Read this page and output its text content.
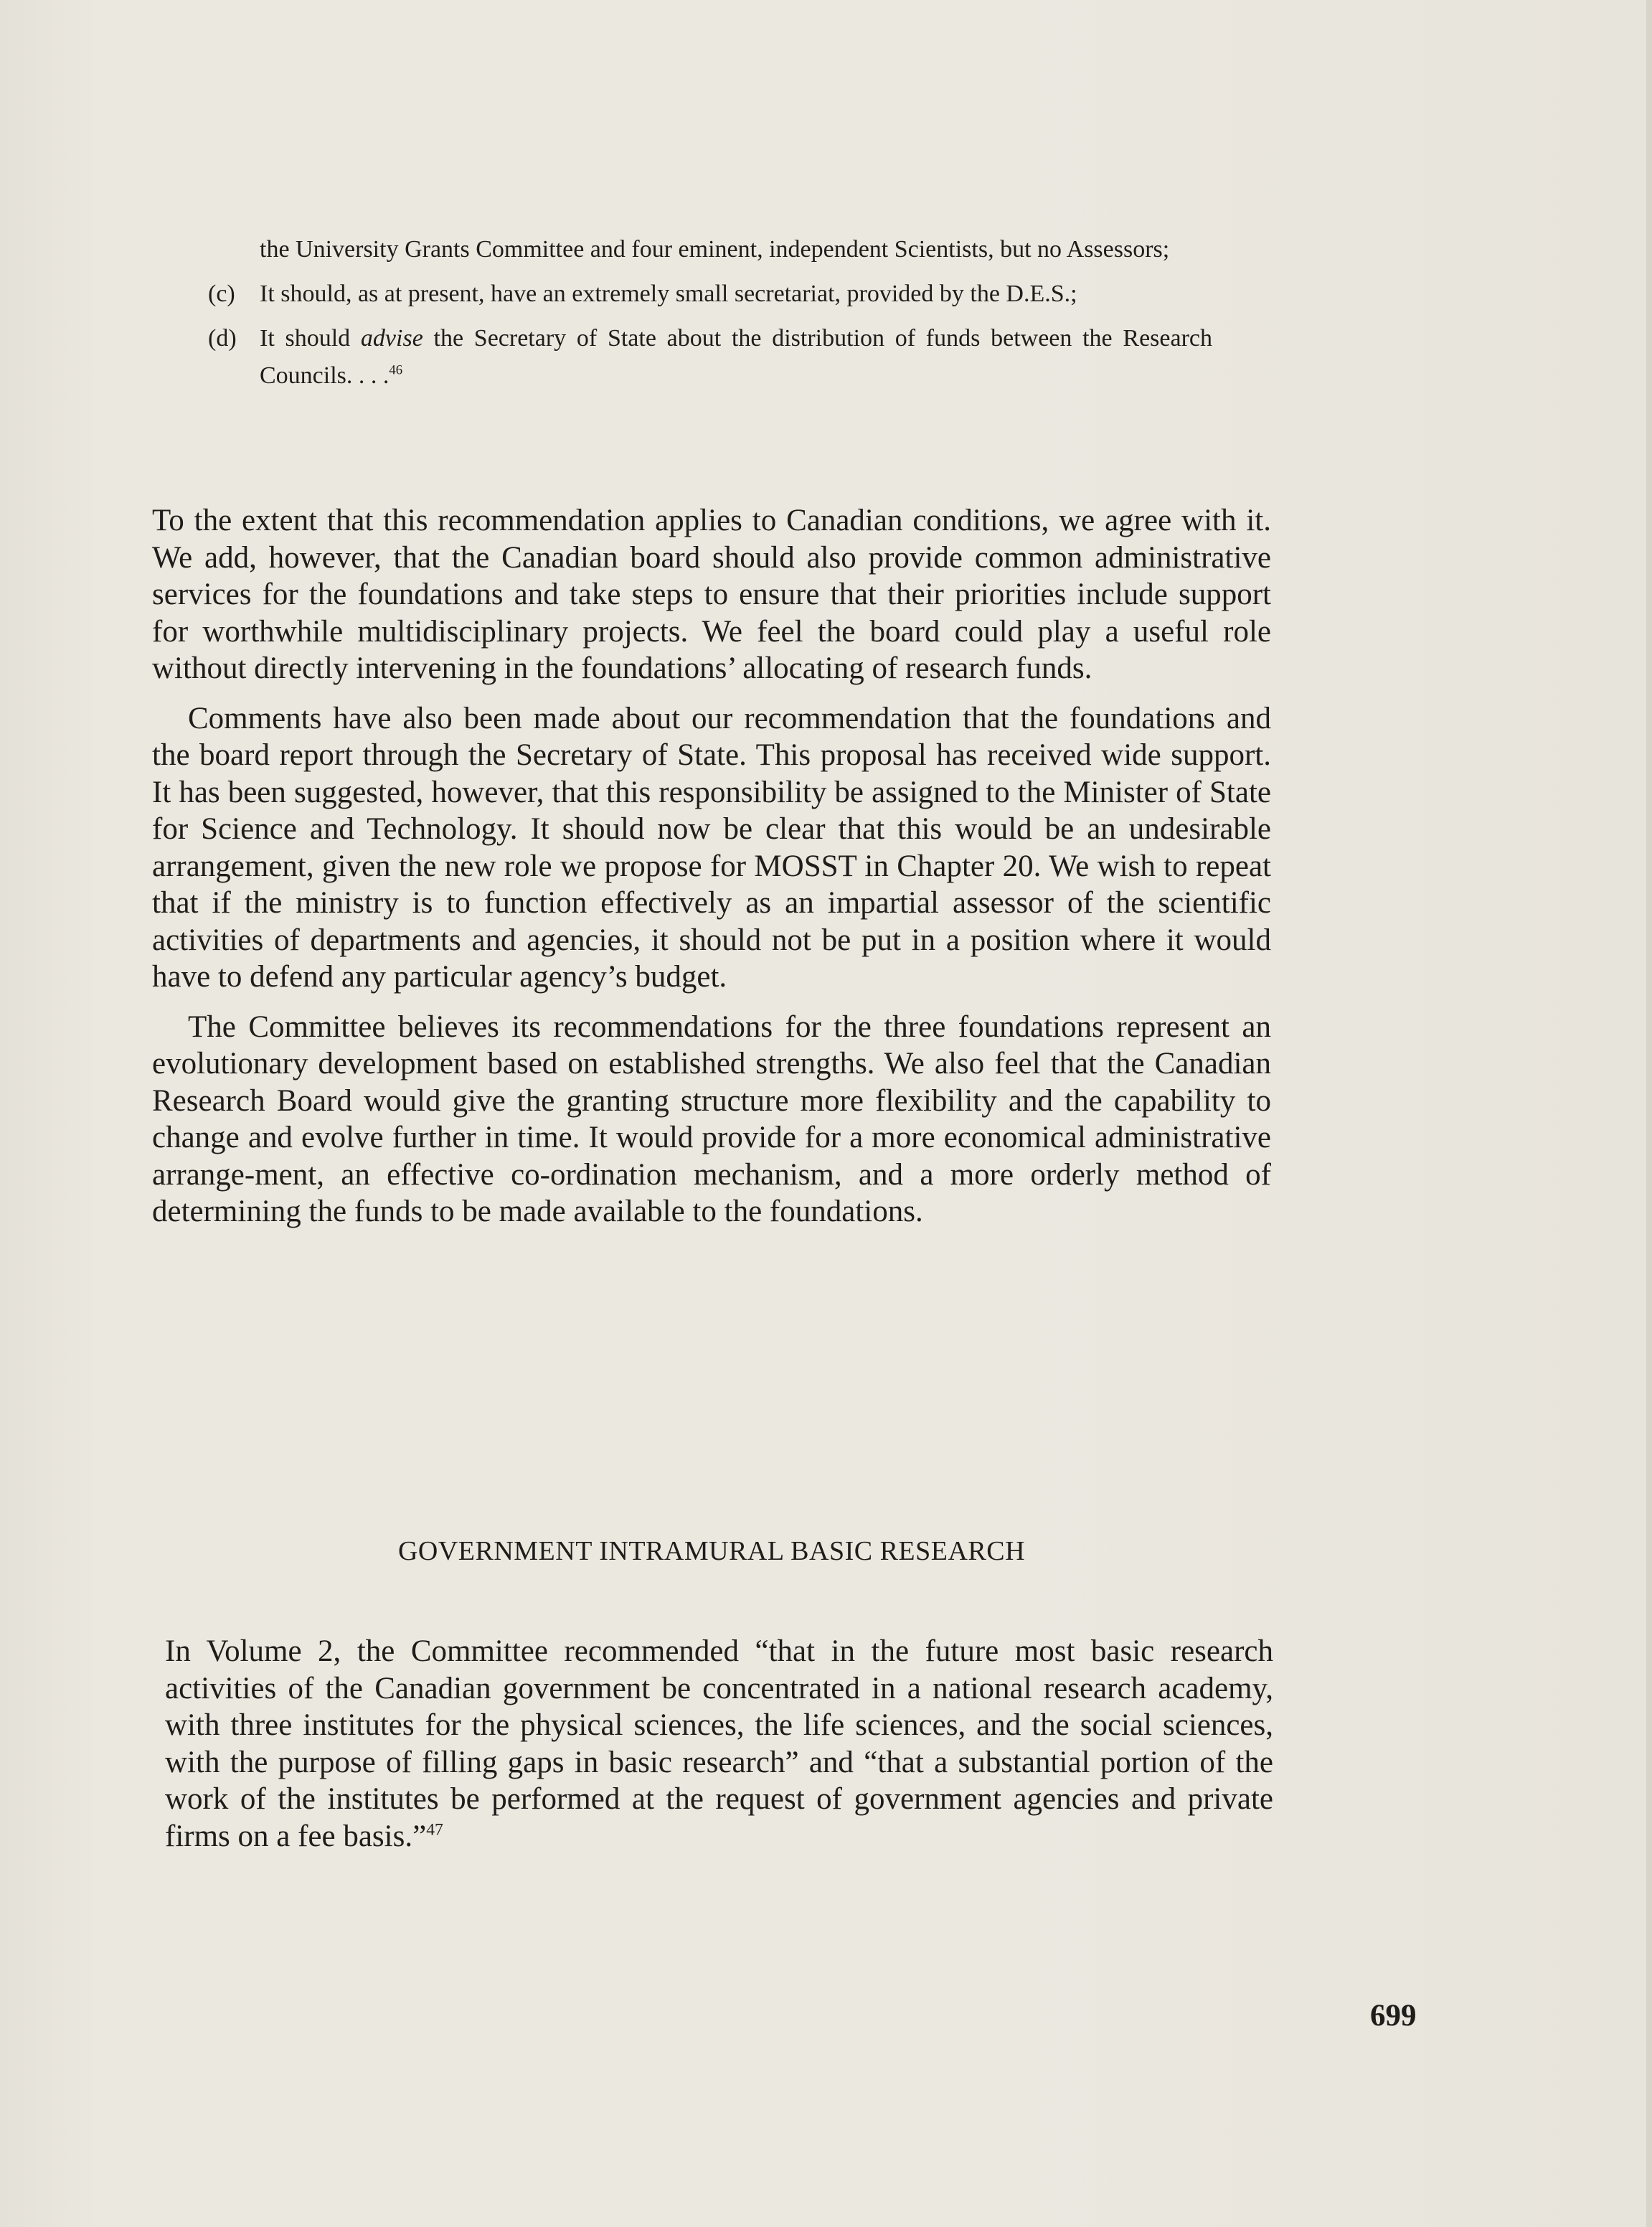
the University Grants Committee and four eminent, independent Scientists, but no Assessors;

(c)	It should, as at present, have an extremely small secretariat, provided by the D.E.S.;
(d) It should advise the Secretary of State about the distribution of funds between the Research Councils. . . .$^{46}$

To the extent that this recommendation applies to Canadian conditions, we agree with it. We add, however, that the Canadian board should also provide common administrative services for the foundations and take steps to ensure that their priorities include support for worthwhile multidisciplinary projects. We feel the board could play a useful role without directly intervening in the foundations’ allocating of research funds.

Comments have also been made about our recommendation that the foundations and the board report through the Secretary of State. This proposal has received wide support. It has been suggested, however, that this responsibility be assigned to the Minister of State for Science and Technology. It should now be clear that this would be an undesirable arrangement, given the new role we propose for MOSST in Chapter 20. We wish to repeat that if the ministry is to function effectively as an impartial assessor of the scientific activities of departments and agencies, it should not be put in a position where it would have to defend any particular agency’s budget.

The Committee believes its recommendations for the three foundations represent an evolutionary development based on established strengths. We also feel that the Canadian Research Board would give the granting structure more flexibility and the capability to change and evolve further in time. It would provide for a more economical administrative arrange-ment, an effective co-ordination mechanism, and a more orderly method of determining the funds to be made available to the foundations.

GOVERNMENT INTRAMURAL BASIC RESEARCH

In Volume 2, the Committee recommended “that in the future most basic research activities of the Canadian government be concentrated in a national research academy, with three institutes for the physical sciences, the life sciences, and the social sciences, with the purpose of filling gaps in basic research” and “that a substantial portion of the work of the institutes be performed at the request of government agencies and private firms on a fee basis.”$^{47}$

699
